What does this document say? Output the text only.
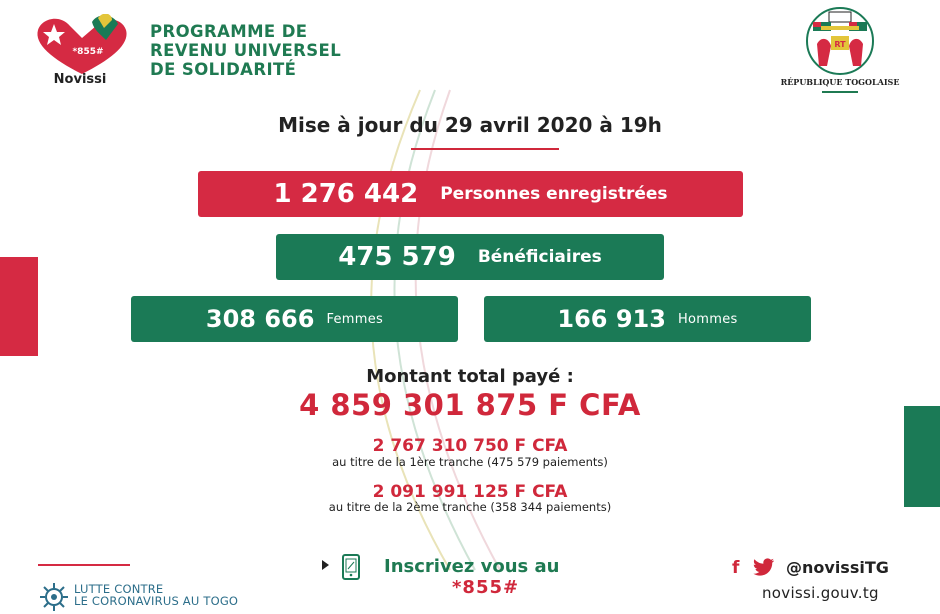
*855#
Novissi
PROGRAMME DE
REVENU UNIVERSEL
DE SOLIDARITÉ
RT
RÉPUBLIQUE TOGOLAISE
Mise à jour du 29 avril 2020 à 19h
1 276 442 Personnes enregistrées
475 579 Bénéficiaires
308 666 Femmes	166 913 Hommes
Montant total payé :
4 859 301 875 F CFA
2 767 310 750 F CFA
au titre de la 1ère tranche (475 579 paiements)
2 091 991 125 F CFA
au titre de la 2ème tranche (358 344 paiements)
LUTTE CONTRE
LE CORONAVIRUS AU TOGO
Inscrivez vous au
*855#
f	@novissiTG
novissi.gouv.tg
